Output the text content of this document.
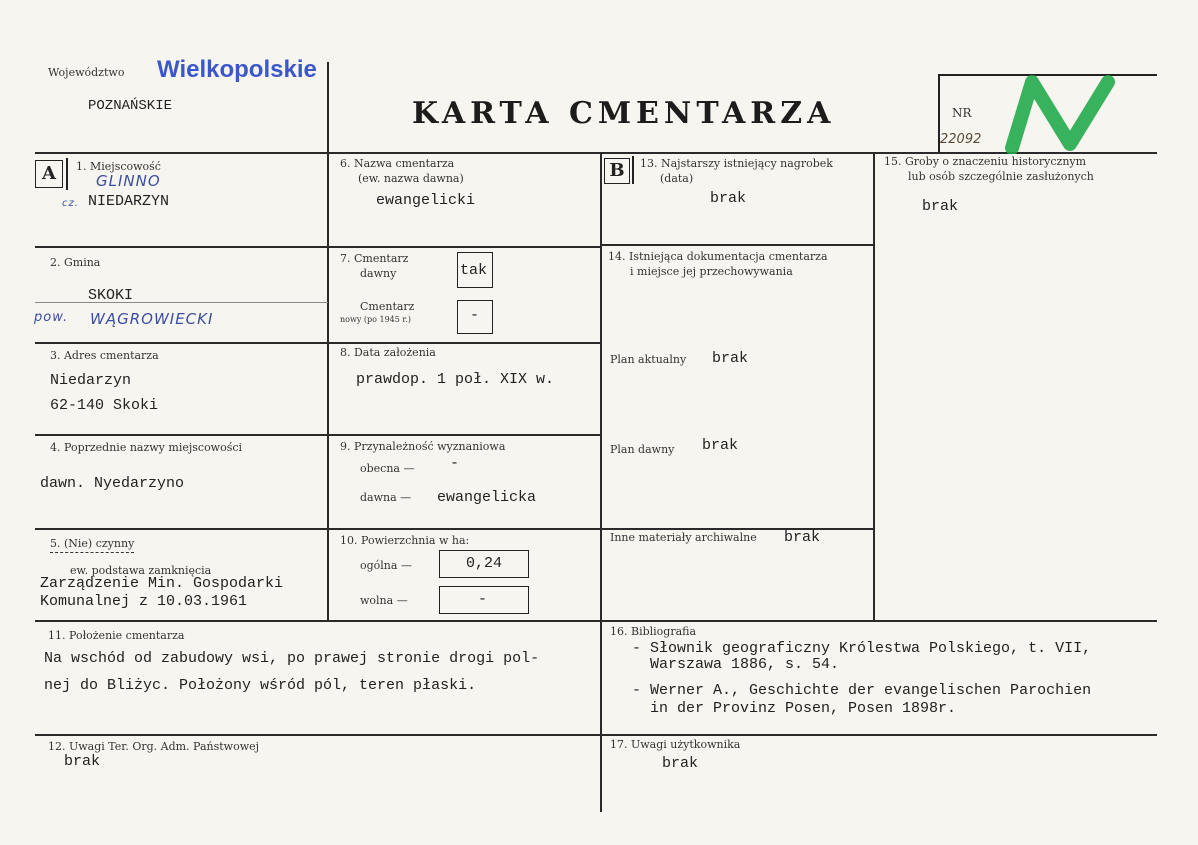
Województwo Wielkopolskie
POZNAŃSKIE	KARTA CMENTARZA	NR
22092
A	1. Miejscowość
GLINNO
cz. NIEDARZYN
2. Gmina
SKOKI
pow. WĄGROWIECKI
3. Adres cmentarza
Niedarzyn
62-140 Skoki
4. Poprzednie nazwy miejscowości
dawn. Nyedarzyno
5. (Nie) czynny
ew. podstawa zamknięcia
Zarządzenie Min. Gospodarki
Komunalnej z 10.03.1961
6. Nazwa cmentarza
(ew. nazwa dawna)
ewangelicki
7. Cmentarz
dawny	tak
Cmentarz
nowy (po 1945 r.)	-
8. Data założenia
prawdop. 1 poł. XIX w.
9. Przynależność wyznaniowa
obecna — -
dawna — ewangelicka
10. Powierzchnia w ha:
ogólna —	0,24
wolna —	-
B	13. Najstarszy istniejący nagrobek
(data)
brak
14. Istniejąca dokumentacja cmentarza
i miejsce jej przechowywania
Plan aktualny brak
Plan dawny brak
Inne materiały archiwalne brak
15. Groby o znaczeniu historycznym
lub osób szczególnie zasłużonych
brak
11. Położenie cmentarza
Na wschód od zabudowy wsi, po prawej stronie drogi pol-
nej do Bliżyc. Położony wśród pól, teren płaski.
12. Uwagi Ter. Org. Adm. Państwowej
brak
16. Bibliografia
- Słownik geograficzny Królestwa Polskiego, t. VII,
Warszawa 1886, s. 54.
- Werner A., Geschichte der evangelischen Parochien
in der Provinz Posen, Posen 1898r.
17. Uwagi użytkownika
brak
